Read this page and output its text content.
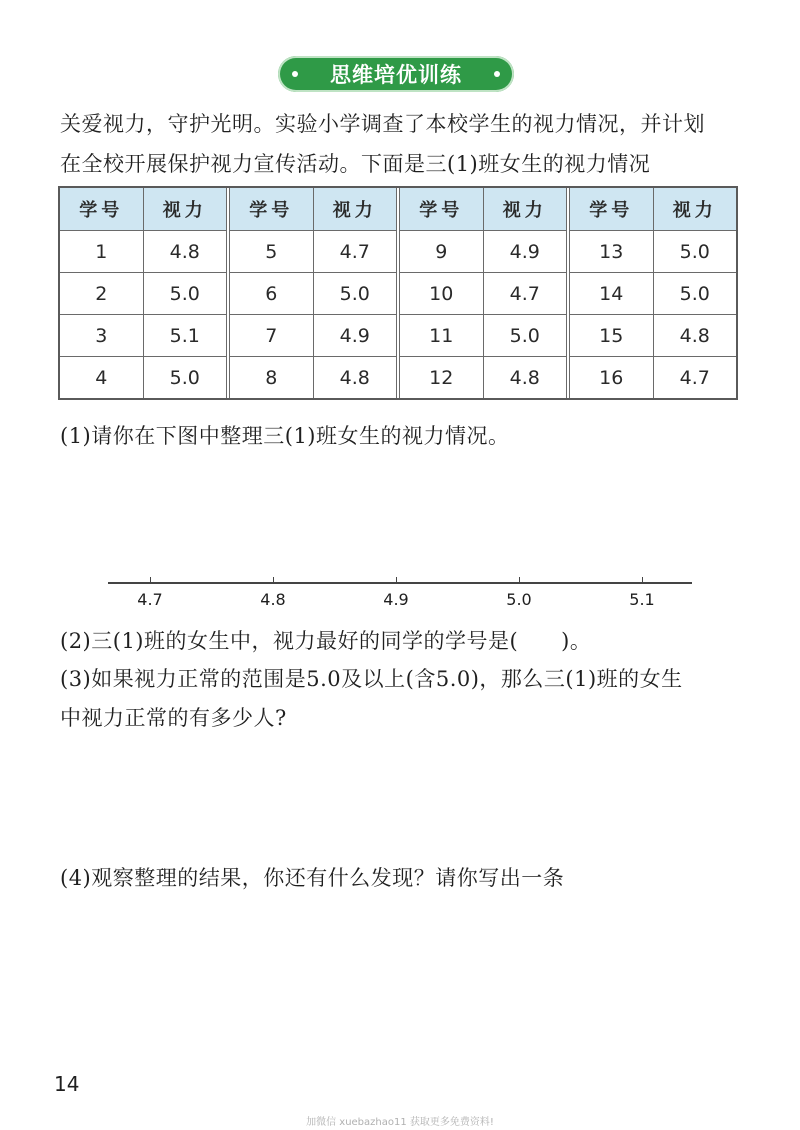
思维培优训练
关爱视力，守护光明。实验小学调查了本校学生的视力情况，并计划
在全校开展保护视力宣传活动。下面是三(1)班女生的视力情况
学号	视力
1	4.8
2	5.0
3	5.1
4	5.0
学号	视力
5	4.7
6	5.0
7	4.9
8	4.8
学号	视力
9	4.9
10	4.7
11	5.0
12	4.8
学号	视力
13	5.0
14	5.0
15	4.8
16	4.7
(1)请你在下图中整理三(1)班女生的视力情况。
4.7	4.8	4.9	5.0	5.1
(2)三(1)班的女生中，视力最好的同学的学号是(　　)。
(3)如果视力正常的范围是5.0及以上(含5.0)，那么三(1)班的女生
中视力正常的有多少人?
(4)观察整理的结果，你还有什么发现？请你写出一条
14
加微信 xuebazhao11 获取更多免费资料!
